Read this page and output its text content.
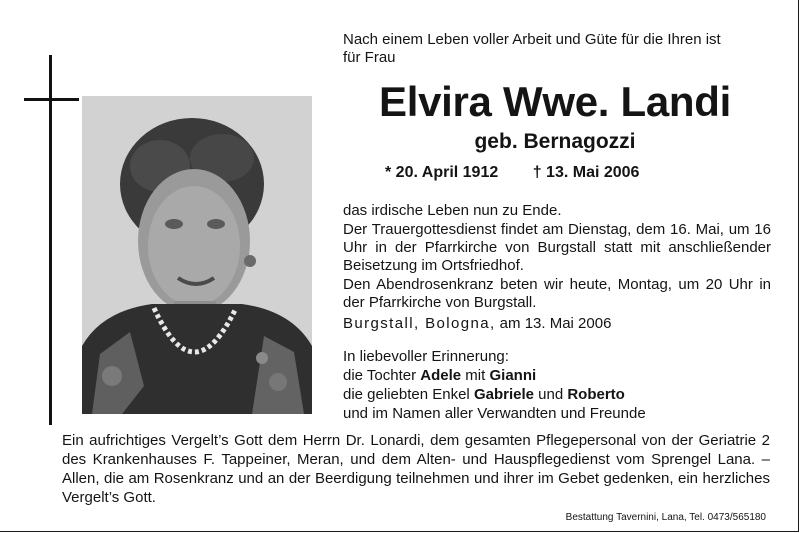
Nach einem Leben voller Arbeit und Güte für die Ihren ist
für Frau
Elvira Wwe. Landi
geb. Bernagozzi
* 20. April 1912 † 13. Mai 2006
das irdische Leben nun zu Ende.
Der Trauergottesdienst findet am Dienstag, dem 16. Mai, um 16 Uhr in der Pfarrkirche von Burgstall statt mit anschließender Beisetzung im Ortsfriedhof.
Den Abendrosenkranz beten wir heute, Montag, um 20 Uhr in der Pfarrkirche von Burgstall.
Burgstall, Bologna, am 13. Mai 2006
In liebevoller Erinnerung:
die Tochter Adele mit Gianni
die geliebten Enkel Gabriele und Roberto
und im Namen aller Verwandten und Freunde
Ein aufrichtiges Vergelt’s Gott dem Herrn Dr. Lonardi, dem gesamten Pflegepersonal von der Geriatrie 2 des Krankenhauses F. Tappeiner, Meran, und dem Alten- und Hauspflegedienst vom Sprengel Lana. – Allen, die am Rosenkranz und an der Beerdigung teilnehmen und ihrer im Gebet gedenken, ein herzliches Vergelt’s Gott.
Bestattung Tavernini, Lana, Tel. 0473/565180
